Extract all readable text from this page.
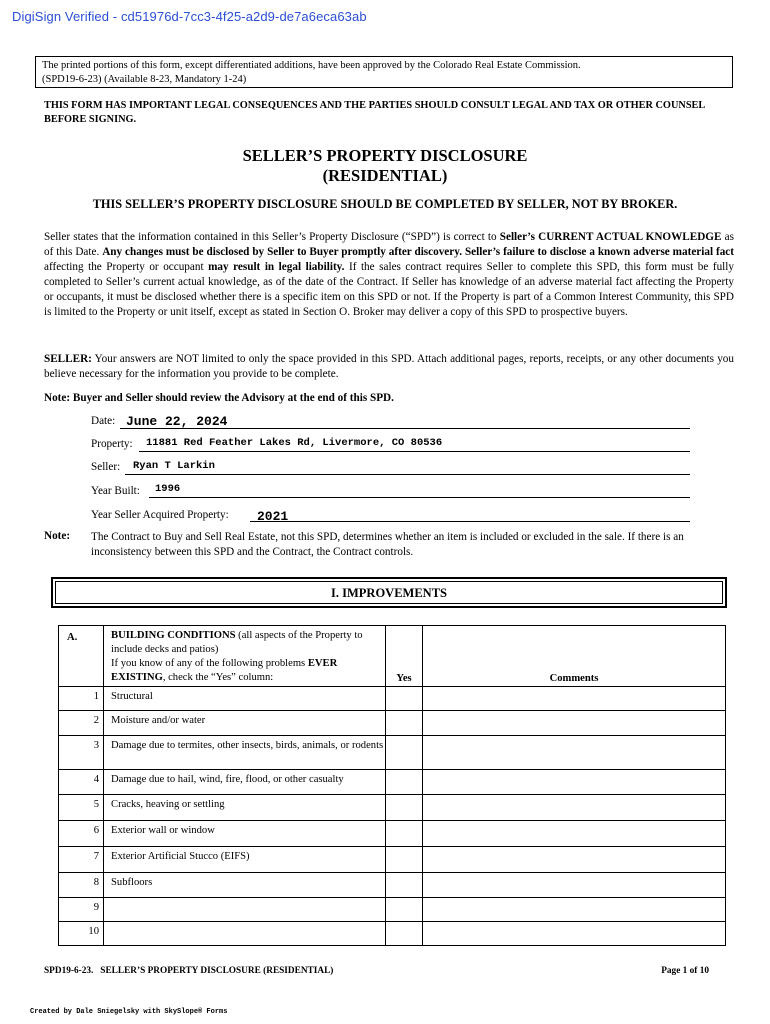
DigiSign Verified - cd51976d-7cc3-4f25-a2d9-de7a6eca63ab
The printed portions of this form, except differentiated additions, have been approved by the Colorado Real Estate Commission.
(SPD19-6-23) (Available 8-23, Mandatory 1-24)
THIS FORM HAS IMPORTANT LEGAL CONSEQUENCES AND THE PARTIES SHOULD CONSULT LEGAL AND TAX OR OTHER COUNSEL BEFORE SIGNING.
SELLER’S PROPERTY DISCLOSURE
(RESIDENTIAL)
THIS SELLER’S PROPERTY DISCLOSURE SHOULD BE COMPLETED BY SELLER, NOT BY BROKER.
Seller states that the information contained in this Seller’s Property Disclosure (“SPD”) is correct to Seller’s CURRENT ACTUAL KNOWLEDGE as of this Date. Any changes must be disclosed by Seller to Buyer promptly after discovery. Seller’s failure to disclose a known adverse material fact affecting the Property or occupant may result in legal liability. If the sales contract requires Seller to complete this SPD, this form must be fully completed to Seller’s current actual knowledge, as of the date of the Contract. If Seller has knowledge of an adverse material fact affecting the Property or occupants, it must be disclosed whether there is a specific item on this SPD or not. If the Property is part of a Common Interest Community, this SPD is limited to the Property or unit itself, except as stated in Section O. Broker may deliver a copy of this SPD to prospective buyers.
SELLER: Your answers are NOT limited to only the space provided in this SPD. Attach additional pages, reports, receipts, or any other documents you believe necessary for the information you provide to be complete.
Note: Buyer and Seller should review the Advisory at the end of this SPD.
Date: June 22, 2024
Property: 11881 Red Feather Lakes Rd, Livermore, CO 80536
Seller: Ryan T Larkin
Year Built: 1996
Year Seller Acquired Property: 2021
Note: The Contract to Buy and Sell Real Estate, not this SPD, determines whether an item is included or excluded in the sale. If there is an inconsistency between this SPD and the Contract, the Contract controls.
I. IMPROVEMENTS
A.	BUILDING CONDITIONS (all aspects of the Property to include decks and patios)
If you know of any of the following problems EVER EXISTING, check the “Yes” column:	Yes	Comments

1	Structural		

2	Moisture and/or water		

3	Damage due to termites, other insects, birds, animals, or rodents		

4	Damage due to hail, wind, fire, flood, or other casualty		

5	Cracks, heaving or settling		

6	Exterior wall or window		

7	Exterior Artificial Stucco (EIFS)		

8	Subfloors		

9			

10			

SPD19-6-23.   SELLER’S PROPERTY DISCLOSURE (RESIDENTIAL)	Page 1 of 10
Created by Dale Sniegelsky with SkySlope® Forms
